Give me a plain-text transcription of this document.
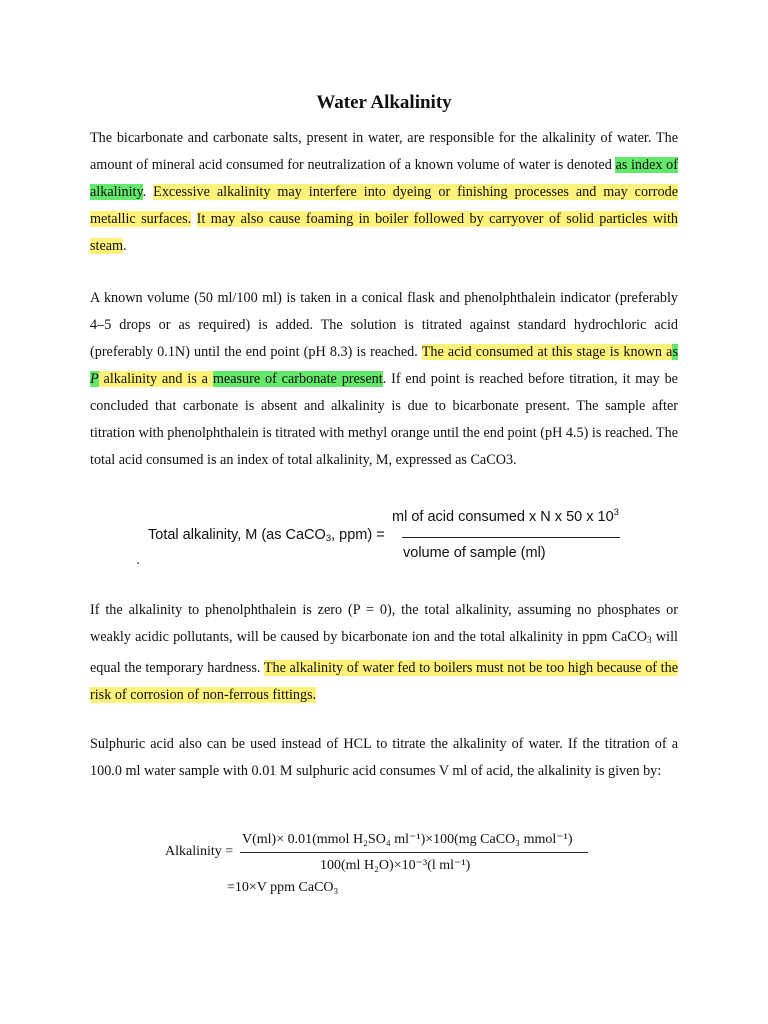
Water Alkalinity

The bicarbonate and carbonate salts, present in water, are responsible for the alkalinity of water. The amount of mineral acid consumed for neutralization of a known volume of water is denoted as index of alkalinity. Excessive alkalinity may interfere into dyeing or finishing processes and may corrode metallic surfaces. It may also cause foaming in boiler followed by carryover of solid particles with steam.

A known volume (50 ml/100 ml) is taken in a conical flask and phenolphthalein indicator (preferably 4–5 drops or as required) is added. The solution is titrated against standard hydrochloric acid (preferably 0.1N) until the end point (pH 8.3) is reached. The acid consumed at this stage is known as P alkalinity and is a measure of carbonate present. If end point is reached before titration, it may be concluded that carbonate is absent and alkalinity is due to bicarbonate present. The sample after titration with phenolphthalein is titrated with methyl orange until the end point (pH 4.5) is reached. The total acid consumed is an index of total alkalinity, M, expressed as CaCO3.

Total alkalinity, M (as CaCO$_3$, ppm) =
ml of acid consumed x N x 50 x $10^3$
volume of sample (ml)

If the alkalinity to phenolphthalein is zero (P = 0), the total alkalinity, assuming no phosphates or weakly acidic pollutants, will be caused by bicarbonate ion and the total alkalinity in ppm CaCO$_3$ will equal the temporary hardness. The alkalinity of water fed to boilers must not be too high because of the risk of corrosion of non-ferrous fittings.

Sulphuric acid also can be used instead of HCL to titrate the alkalinity of water. If the titration of a 100.0 ml water sample with 0.01 M sulphuric acid consumes V ml of acid, the alkalinity is given by:

Alkalinity =
V(ml)× 0.01(mmol H₂SO₄ ml⁻¹)×100(mg CaCO₃ mmol⁻¹)
100(ml H₂O)×10⁻³(l ml⁻¹)
=10×V ppm CaCO₃
